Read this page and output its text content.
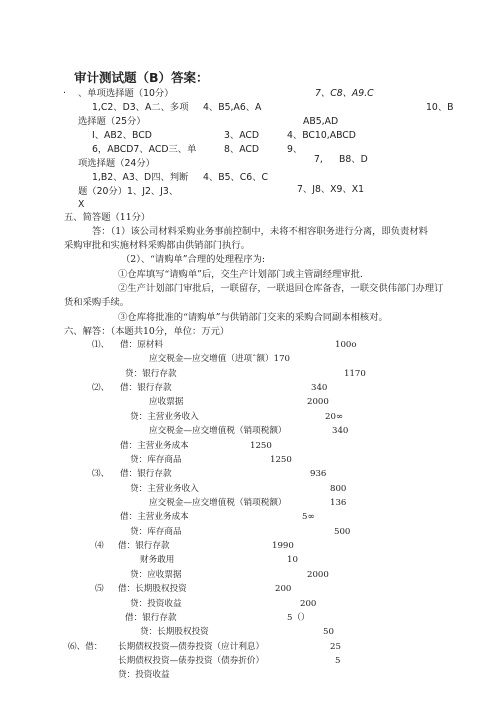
审计测试题（B）答案：
· 、单项选择题（10分）	7、C8、A9.C
1,C2、D3、A二、多项 4、B5,A6、A	10、B
选择题（25分）	AB5,AD
I、AB2、BCD	3、ACD	4、BC10,ABCD
6，ABCD7、ACD三、单	8、ACD	9、
项选择题（24分）	7, B8、D
1,B2、A3、D四、判断 4、B5、C6、C
题（20分）1、J2、J3、	7、J8、X9、X1
X
五、简答题（11分）
答：（1）该公司材料采购业务事前控制中，未将不相容职务进行分离，即负责材料
采购审批和实施材料采购都由供销部门执行。
（2）、“请购单”合理的处理程序为:
①仓库填写“请购单”后，交生产计划部门或主管副经理审批.
②生产计划部门审批后，一联留存，一联退回仓库备杳，一联交供伟部门办理订
货和采购手续。
③仓库将批准的“请购单”与供销部门交来的采购合同副本相核对。
六、解答：（本题共10分，单位：万元）
⑴、 借：原材料	100o
应交税金—应交增值（进项ˆ额）170
贷：银行存款	1170
⑵、 借：银行存款	340
应收票据	2000
贷：主营业务收入	20∞
应交税金—应交增值税（销项税额）	340
借：主营业务成本	1250
贷：库存商品	1250
⑶、 借：银行存款	936
贷：主营业务收入	800
应交税金—应交增值税（销项税额）	136
借：主营业务成本	5∞
贷：库存商品	500
⑷ 借：银行存款	1990
财务敢用	10
贷：应收票据	2000
⑸ 借：长期股权投资	200
贷：投资收益	200
借：银行存款	5（）
贷：长期股权投资	50
⑹、借： 长期债权投资—债券投资（应计利息）	25
长期债权投资—俵券投资（债券折价）	5
贷：投资收益
